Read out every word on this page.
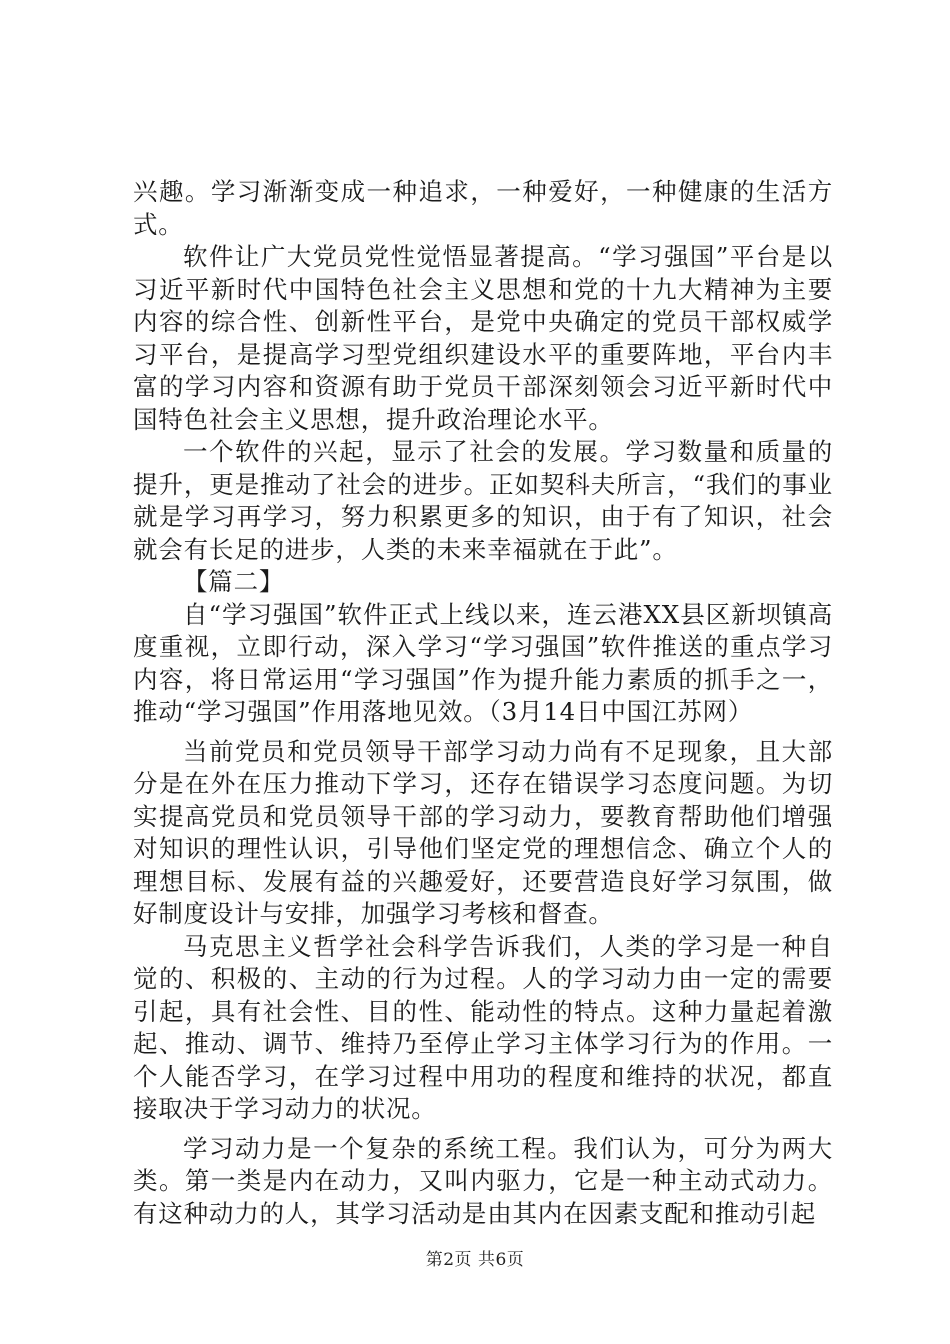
兴趣。学习渐渐变成一种追求，一种爱好，一种健康的生活方式。

软件让广大党员党性觉悟显著提高。“学习强国”平台是以习近平新时代中国特色社会主义思想和党的十九大精神为主要内容的综合性、创新性平台，是党中央确定的党员干部权威学习平台，是提高学习型党组织建设水平的重要阵地，平台内丰富的学习内容和资源有助于党员干部深刻领会习近平新时代中国特色社会主义思想，提升政治理论水平。

一个软件的兴起，显示了社会的发展。学习数量和质量的提升，更是推动了社会的进步。正如契科夫所言，“我们的事业就是学习再学习，努力积累更多的知识，由于有了知识，社会就会有长足的进步，人类的未来幸福就在于此”。

【篇二】

自“学习强国”软件正式上线以来，连云港XX县区新坝镇高度重视，立即行动，深入学习“学习强国”软件推送的重点学习内容，将日常运用“学习强国”作为提升能力素质的抓手之一，推动“学习强国”作用落地见效。（3月14日中国江苏网）

当前党员和党员领导干部学习动力尚有不足现象，且大部分是在外在压力推动下学习，还存在错误学习态度问题。为切实提高党员和党员领导干部的学习动力，要教育帮助他们增强对知识的理性认识，引导他们坚定党的理想信念、确立个人的理想目标、发展有益的兴趣爱好，还要营造良好学习氛围，做好制度设计与安排，加强学习考核和督查。

马克思主义哲学社会科学告诉我们，人类的学习是一种自觉的、积极的、主动的行为过程。人的学习动力由一定的需要引起，具有社会性、目的性、能动性的特点。这种力量起着激起、推动、调节、维持乃至停止学习主体学习行为的作用。一个人能否学习，在学习过程中用功的程度和维持的状况，都直接取决于学习动力的状况。

学习动力是一个复杂的系统工程。我们认为，可分为两大类。第一类是内在动力，又叫内驱力，它是一种主动式动力。有这种动力的人，其学习活动是由其内在因素支配和推动引起

第2页 共6页
